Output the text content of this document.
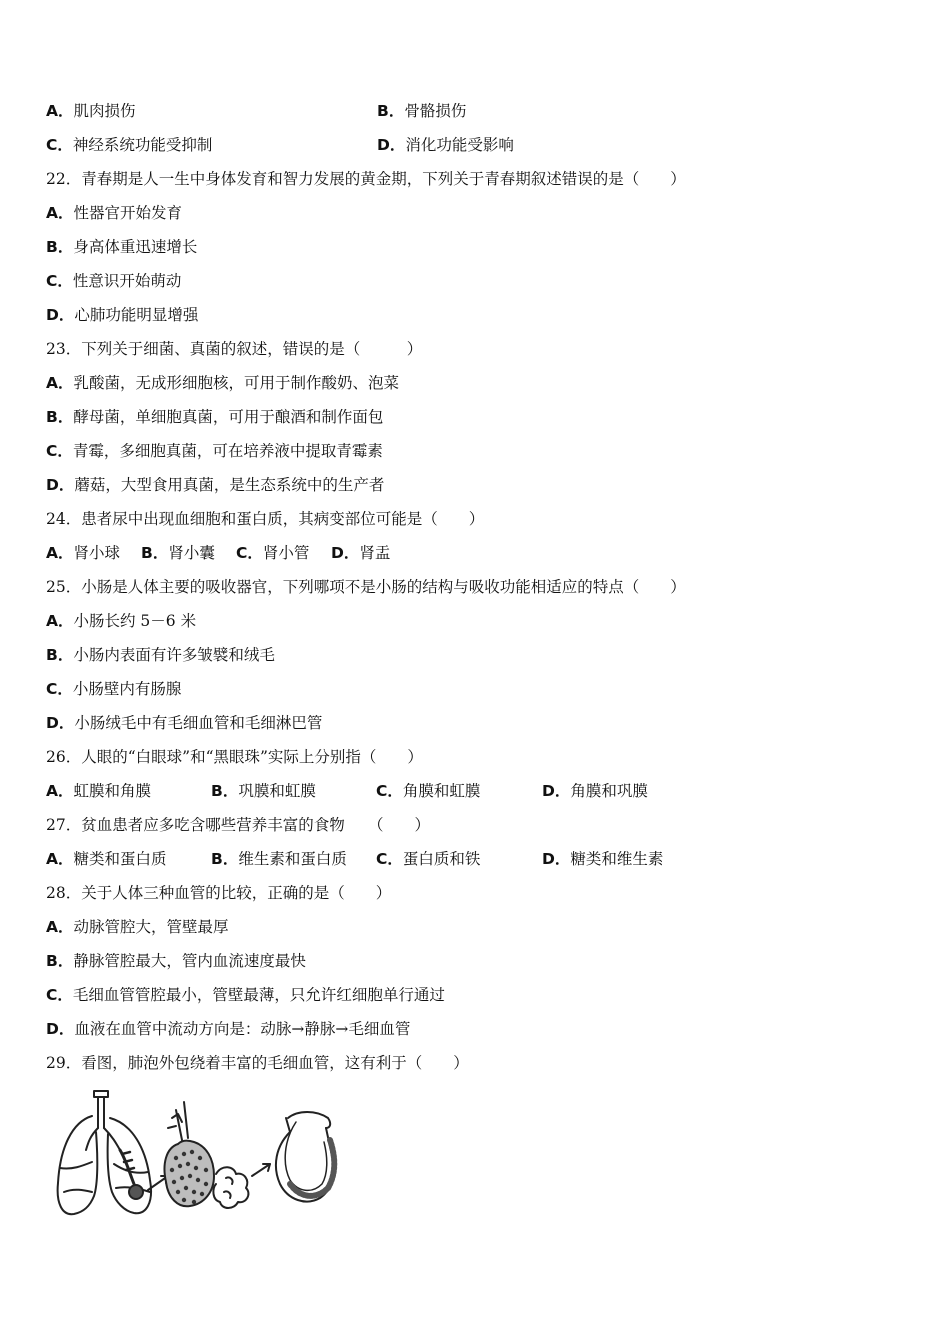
A．肌肉损伤	B．骨骼损伤
C．神经系统功能受抑制	D．消化功能受影响
22．青春期是人一生中身体发育和智力发展的黄金期，下列关于青春期叙述错误的是（　　）
A．性器官开始发育
B．身高体重迅速增长
C．性意识开始萌动
D．心肺功能明显增强
23．下列关于细菌、真菌的叙述，错误的是（　　　）
A．乳酸菌，无成形细胞核，可用于制作酸奶、泡菜
B．酵母菌，单细胞真菌，可用于酿酒和制作面包
C．青霉，多细胞真菌，可在培养液中提取青霉素
D．蘑菇，大型食用真菌，是生态系统中的生产者
24．患者尿中出现血细胞和蛋白质，其病变部位可能是（　　）
A．肾小球 B．肾小囊 C．肾小管 D．肾盂
25．小肠是人体主要的吸收器官，下列哪项不是小肠的结构与吸收功能相适应的特点（　　）
A．小肠长约 5－6 米
B．小肠内表面有许多皱襞和绒毛
C．小肠壁内有肠腺
D．小肠绒毛中有毛细血管和毛细淋巴管
26．人眼的“白眼球”和“黑眼珠”实际上分别指（　　）
A．虹膜和角膜	B．巩膜和虹膜	C．角膜和虹膜	D．角膜和巩膜
27．贫血患者应多吃含哪些营养丰富的食物　　（　　）
A．糖类和蛋白质	B．维生素和蛋白质 C．蛋白质和铁	D．糖类和维生素
28．关于人体三种血管的比较，正确的是（　　）
A．动脉管腔大，管壁最厚
B．静脉管腔最大，管内血流速度最快
C．毛细血管管腔最小，管壁最薄，只允许红细胞单行通过
D．血液在血管中流动方向是：动脉→静脉→毛细血管
29．看图，肺泡外包绕着丰富的毛细血管，这有利于（　　）
